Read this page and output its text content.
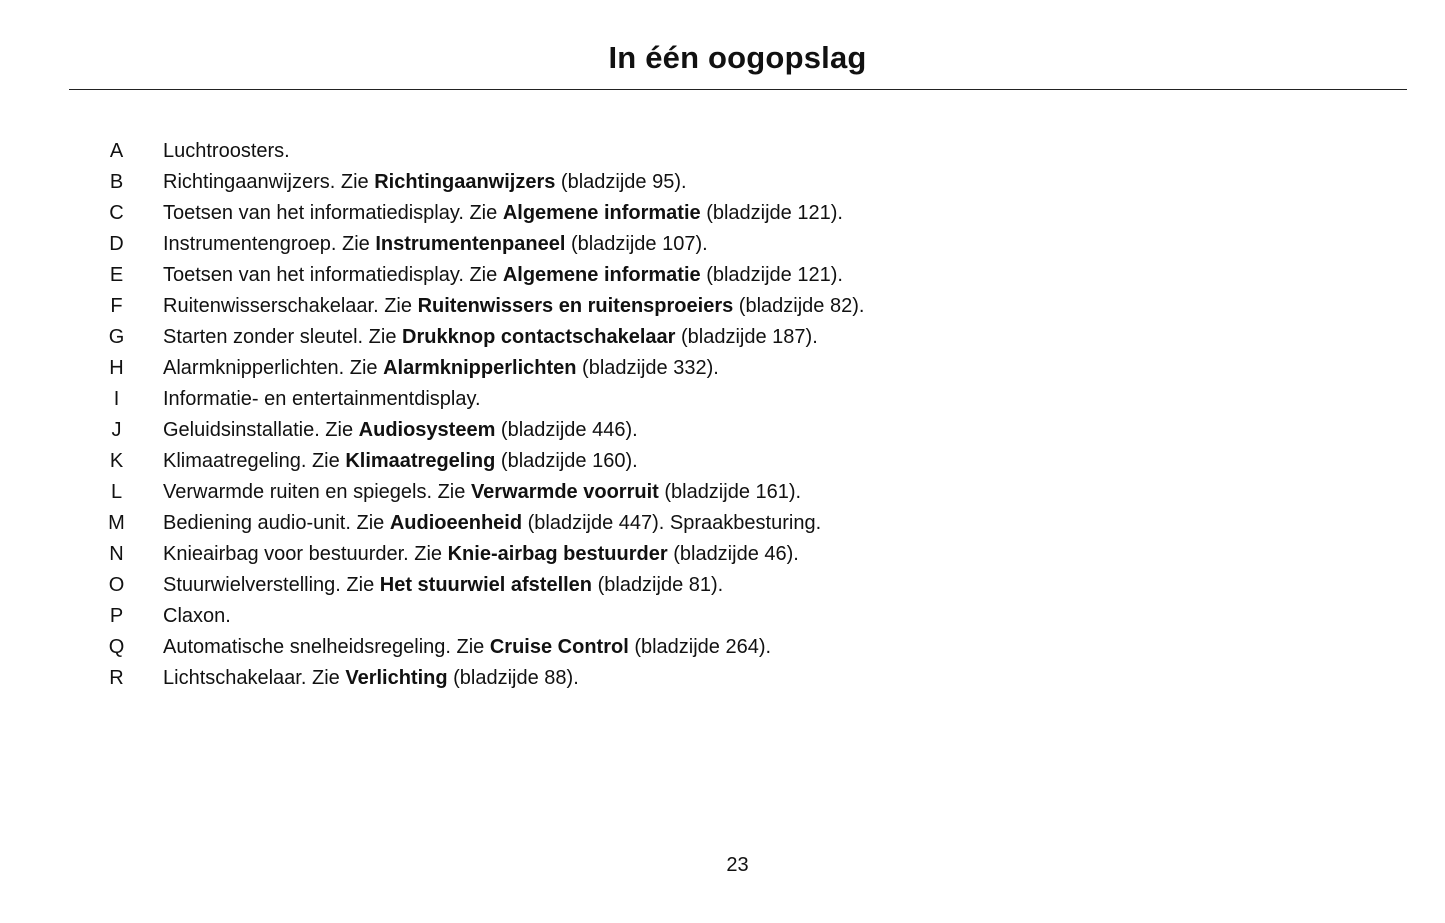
In één oogopslag
A	Luchtroosters.
B	Richtingaanwijzers. Zie Richtingaanwijzers (bladzijde 95).
C	Toetsen van het informatiedisplay. Zie Algemene informatie (bladzijde 121).
D	Instrumentengroep. Zie Instrumentenpaneel (bladzijde 107).
E	Toetsen van het informatiedisplay. Zie Algemene informatie (bladzijde 121).
F	Ruitenwisserschakelaar. Zie Ruitenwissers en ruitensproeiers (bladzijde 82).
G	Starten zonder sleutel. Zie Drukknop contactschakelaar (bladzijde 187).
H	Alarmknipperlichten. Zie Alarmknipperlichten (bladzijde 332).
I	Informatie- en entertainmentdisplay.
J	Geluidsinstallatie. Zie Audiosysteem (bladzijde 446).
K	Klimaatregeling. Zie Klimaatregeling (bladzijde 160).
L	Verwarmde ruiten en spiegels. Zie Verwarmde voorruit (bladzijde 161).
M	Bediening audio-unit. Zie Audioeenheid (bladzijde 447). Spraakbesturing.
N	Knieairbag voor bestuurder. Zie Knie-airbag bestuurder (bladzijde 46).
O	Stuurwielverstelling. Zie Het stuurwiel afstellen (bladzijde 81).
P	Claxon.
Q	Automatische snelheidsregeling. Zie Cruise Control (bladzijde 264).
R	Lichtschakelaar. Zie Verlichting (bladzijde 88).
23
